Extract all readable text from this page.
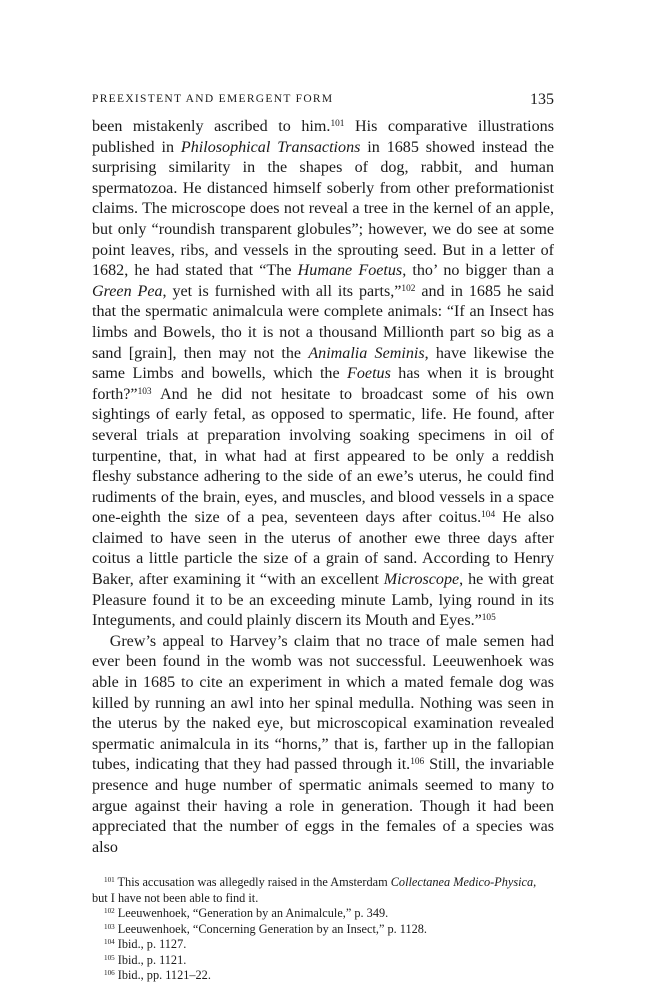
PREEXISTENT AND EMERGENT FORM	135

been mistakenly ascribed to him.$^{101}$ His comparative illustrations published in Philosophical Transactions in 1685 showed instead the surprising similarity in the shapes of dog, rabbit, and human spermatozoa. He distanced himself soberly from other preformationist claims. The microscope does not reveal a tree in the kernel of an apple, but only “roundish transparent globules”; however, we do see at some point leaves, ribs, and vessels in the sprouting seed. But in a letter of 1682, he had stated that “The Humane Foetus, tho’ no bigger than a Green Pea, yet is furnished with all its parts,”$^{102}$ and in 1685 he said that the spermatic animalcula were complete animals: “If an Insect has limbs and Bowels, tho it is not a thousand Millionth part so big as a sand [grain], then may not the Animalia Seminis, have likewise the same Limbs and bowells, which the Foetus has when it is brought forth?”$^{103}$ And he did not hesitate to broadcast some of his own sightings of early fetal, as opposed to spermatic, life. He found, after several trials at preparation involving soaking specimens in oil of turpentine, that, in what had at first appeared to be only a reddish fleshy substance adhering to the side of an ewe’s uterus, he could find rudiments of the brain, eyes, and muscles, and blood vessels in a space one-eighth the size of a pea, seventeen days after coitus.$^{104}$ He also claimed to have seen in the uterus of another ewe three days after coitus a little particle the size of a grain of sand. According to Henry Baker, after examining it “with an excellent Microscope, he with great Pleasure found it to be an exceeding minute Lamb, lying round in its Integuments, and could plainly discern its Mouth and Eyes.”$^{105}$

Grew’s appeal to Harvey’s claim that no trace of male semen had ever been found in the womb was not successful. Leeuwenhoek was able in 1685 to cite an experiment in which a mated female dog was killed by running an awl into her spinal medulla. Nothing was seen in the uterus by the naked eye, but microscopical examination revealed spermatic animalcula in its “horns,” that is, farther up in the fallopian tubes, indicating that they had passed through it.$^{106}$ Still, the invariable presence and huge number of spermatic animals seemed to many to argue against their having a role in generation. Though it had been appreciated that the number of eggs in the females of a species was also

$^{101}$ This accusation was allegedly raised in the Amsterdam Collectanea Medico-Physica,

but I have not been able to find it.

$^{102}$ Leeuwenhoek, “Generation by an Animalcule,” p. 349.

$^{103}$ Leeuwenhoek, “Concerning Generation by an Insect,” p. 1128.

$^{104}$ Ibid., p. 1127.

$^{105}$ Ibid., p. 1121.

$^{106}$ Ibid., pp. 1121–22.
